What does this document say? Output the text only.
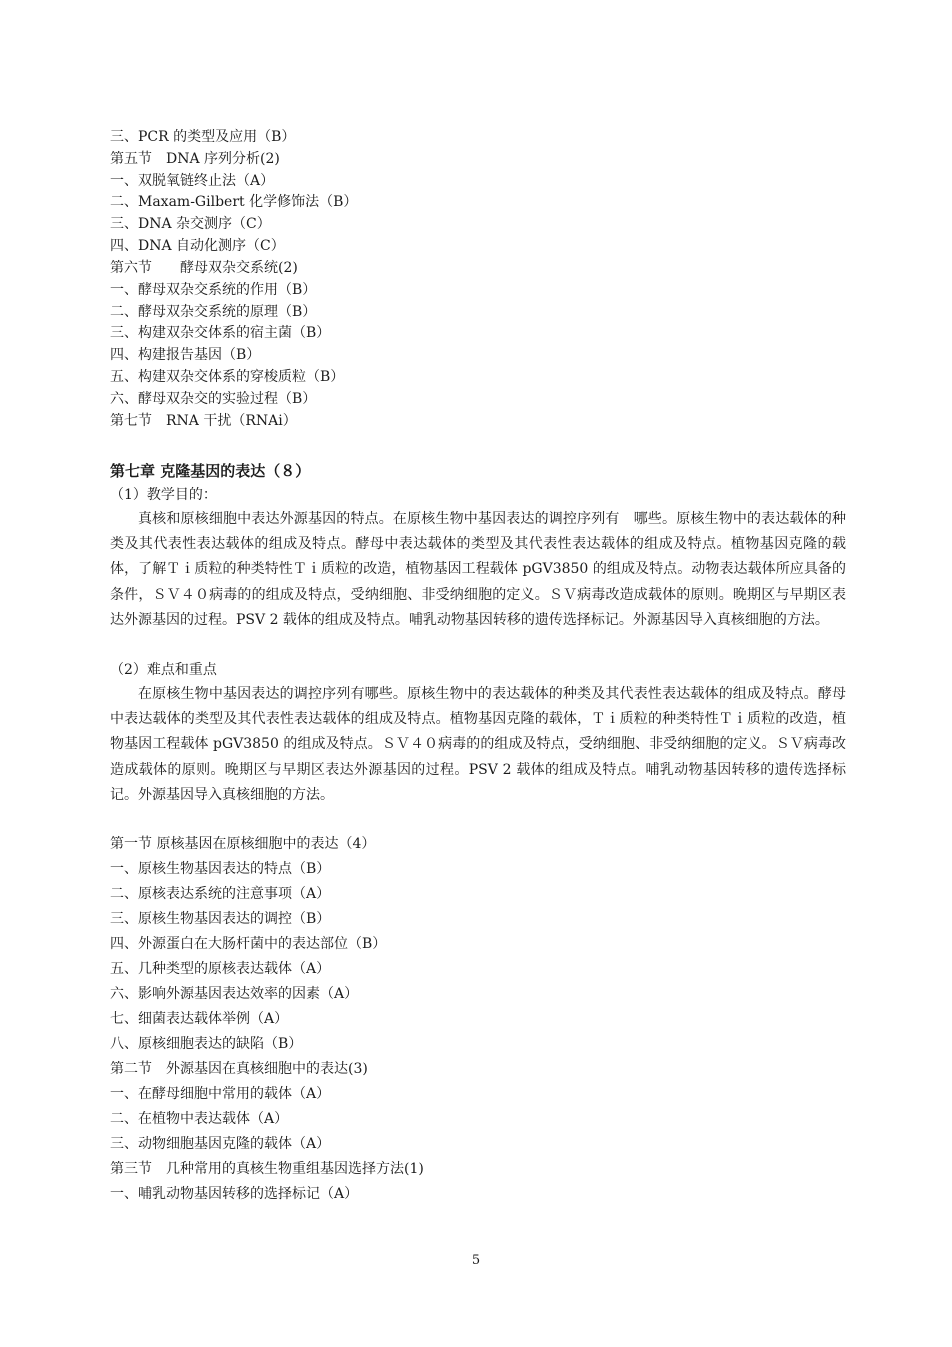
三、PCR 的类型及应用（B）
第五节　DNA 序列分析(2)
一、双脱氧链终止法（A）
二、Maxam-Gilbert 化学修饰法（B）
三、DNA 杂交测序（C）
四、DNA 自动化测序（C）
第六节　　酵母双杂交系统(2)
一、酵母双杂交系统的作用（B）
二、酵母双杂交系统的原理（B）
三、构建双杂交体系的宿主菌（B）
四、构建报告基因（B）
五、构建双杂交体系的穿梭质粒（B）
六、酵母双杂交的实验过程（B）
第七节　RNA 干扰（RNAi）
第七章 克隆基因的表达（８）
（1）教学目的：
真核和原核细胞中表达外源基因的特点。在原核生物中基因表达的调控序列有　哪些。原核生物中的表达载体的种类及其代表性表达载体的组成及特点。酵母中表达载体的类型及其代表性表达载体的组成及特点。植物基因克隆的载体，了解Ｔｉ质粒的种类特性Ｔｉ质粒的改造，植物基因工程载体 pGV3850 的组成及特点。动物表达载体所应具备的条件，ＳＶ４０病毒的的组成及特点，受纳细胞、非受纳细胞的定义。ＳＶ病毒改造成载体的原则。晚期区与早期区表达外源基因的过程。PSV 2 载体的组成及特点。哺乳动物基因转移的遗传选择标记。外源基因导入真核细胞的方法。
（2）难点和重点
在原核生物中基因表达的调控序列有哪些。原核生物中的表达载体的种类及其代表性表达载体的组成及特点。酵母中表达载体的类型及其代表性表达载体的组成及特点。植物基因克隆的载体，Ｔｉ质粒的种类特性Ｔｉ质粒的改造，植物基因工程载体 pGV3850 的组成及特点。ＳＶ４０病毒的的组成及特点，受纳细胞、非受纳细胞的定义。ＳＶ病毒改造成载体的原则。晚期区与早期区表达外源基因的过程。PSV 2 载体的组成及特点。哺乳动物基因转移的遗传选择标记。外源基因导入真核细胞的方法。
第一节 原核基因在原核细胞中的表达（4）
一、原核生物基因表达的特点（B）
二、原核表达系统的注意事项（A）
三、原核生物基因表达的调控（B）
四、外源蛋白在大肠杆菌中的表达部位（B）
五、几种类型的原核表达载体（A）
六、影响外源基因表达效率的因素（A）
七、细菌表达载体举例（A）
八、原核细胞表达的缺陷（B）
第二节　外源基因在真核细胞中的表达(3)
一、在酵母细胞中常用的载体（A）
二、在植物中表达载体（A）
三、动物细胞基因克隆的载体（A）
第三节　几种常用的真核生物重组基因选择方法(1)
一、哺乳动物基因转移的选择标记（A）
5
